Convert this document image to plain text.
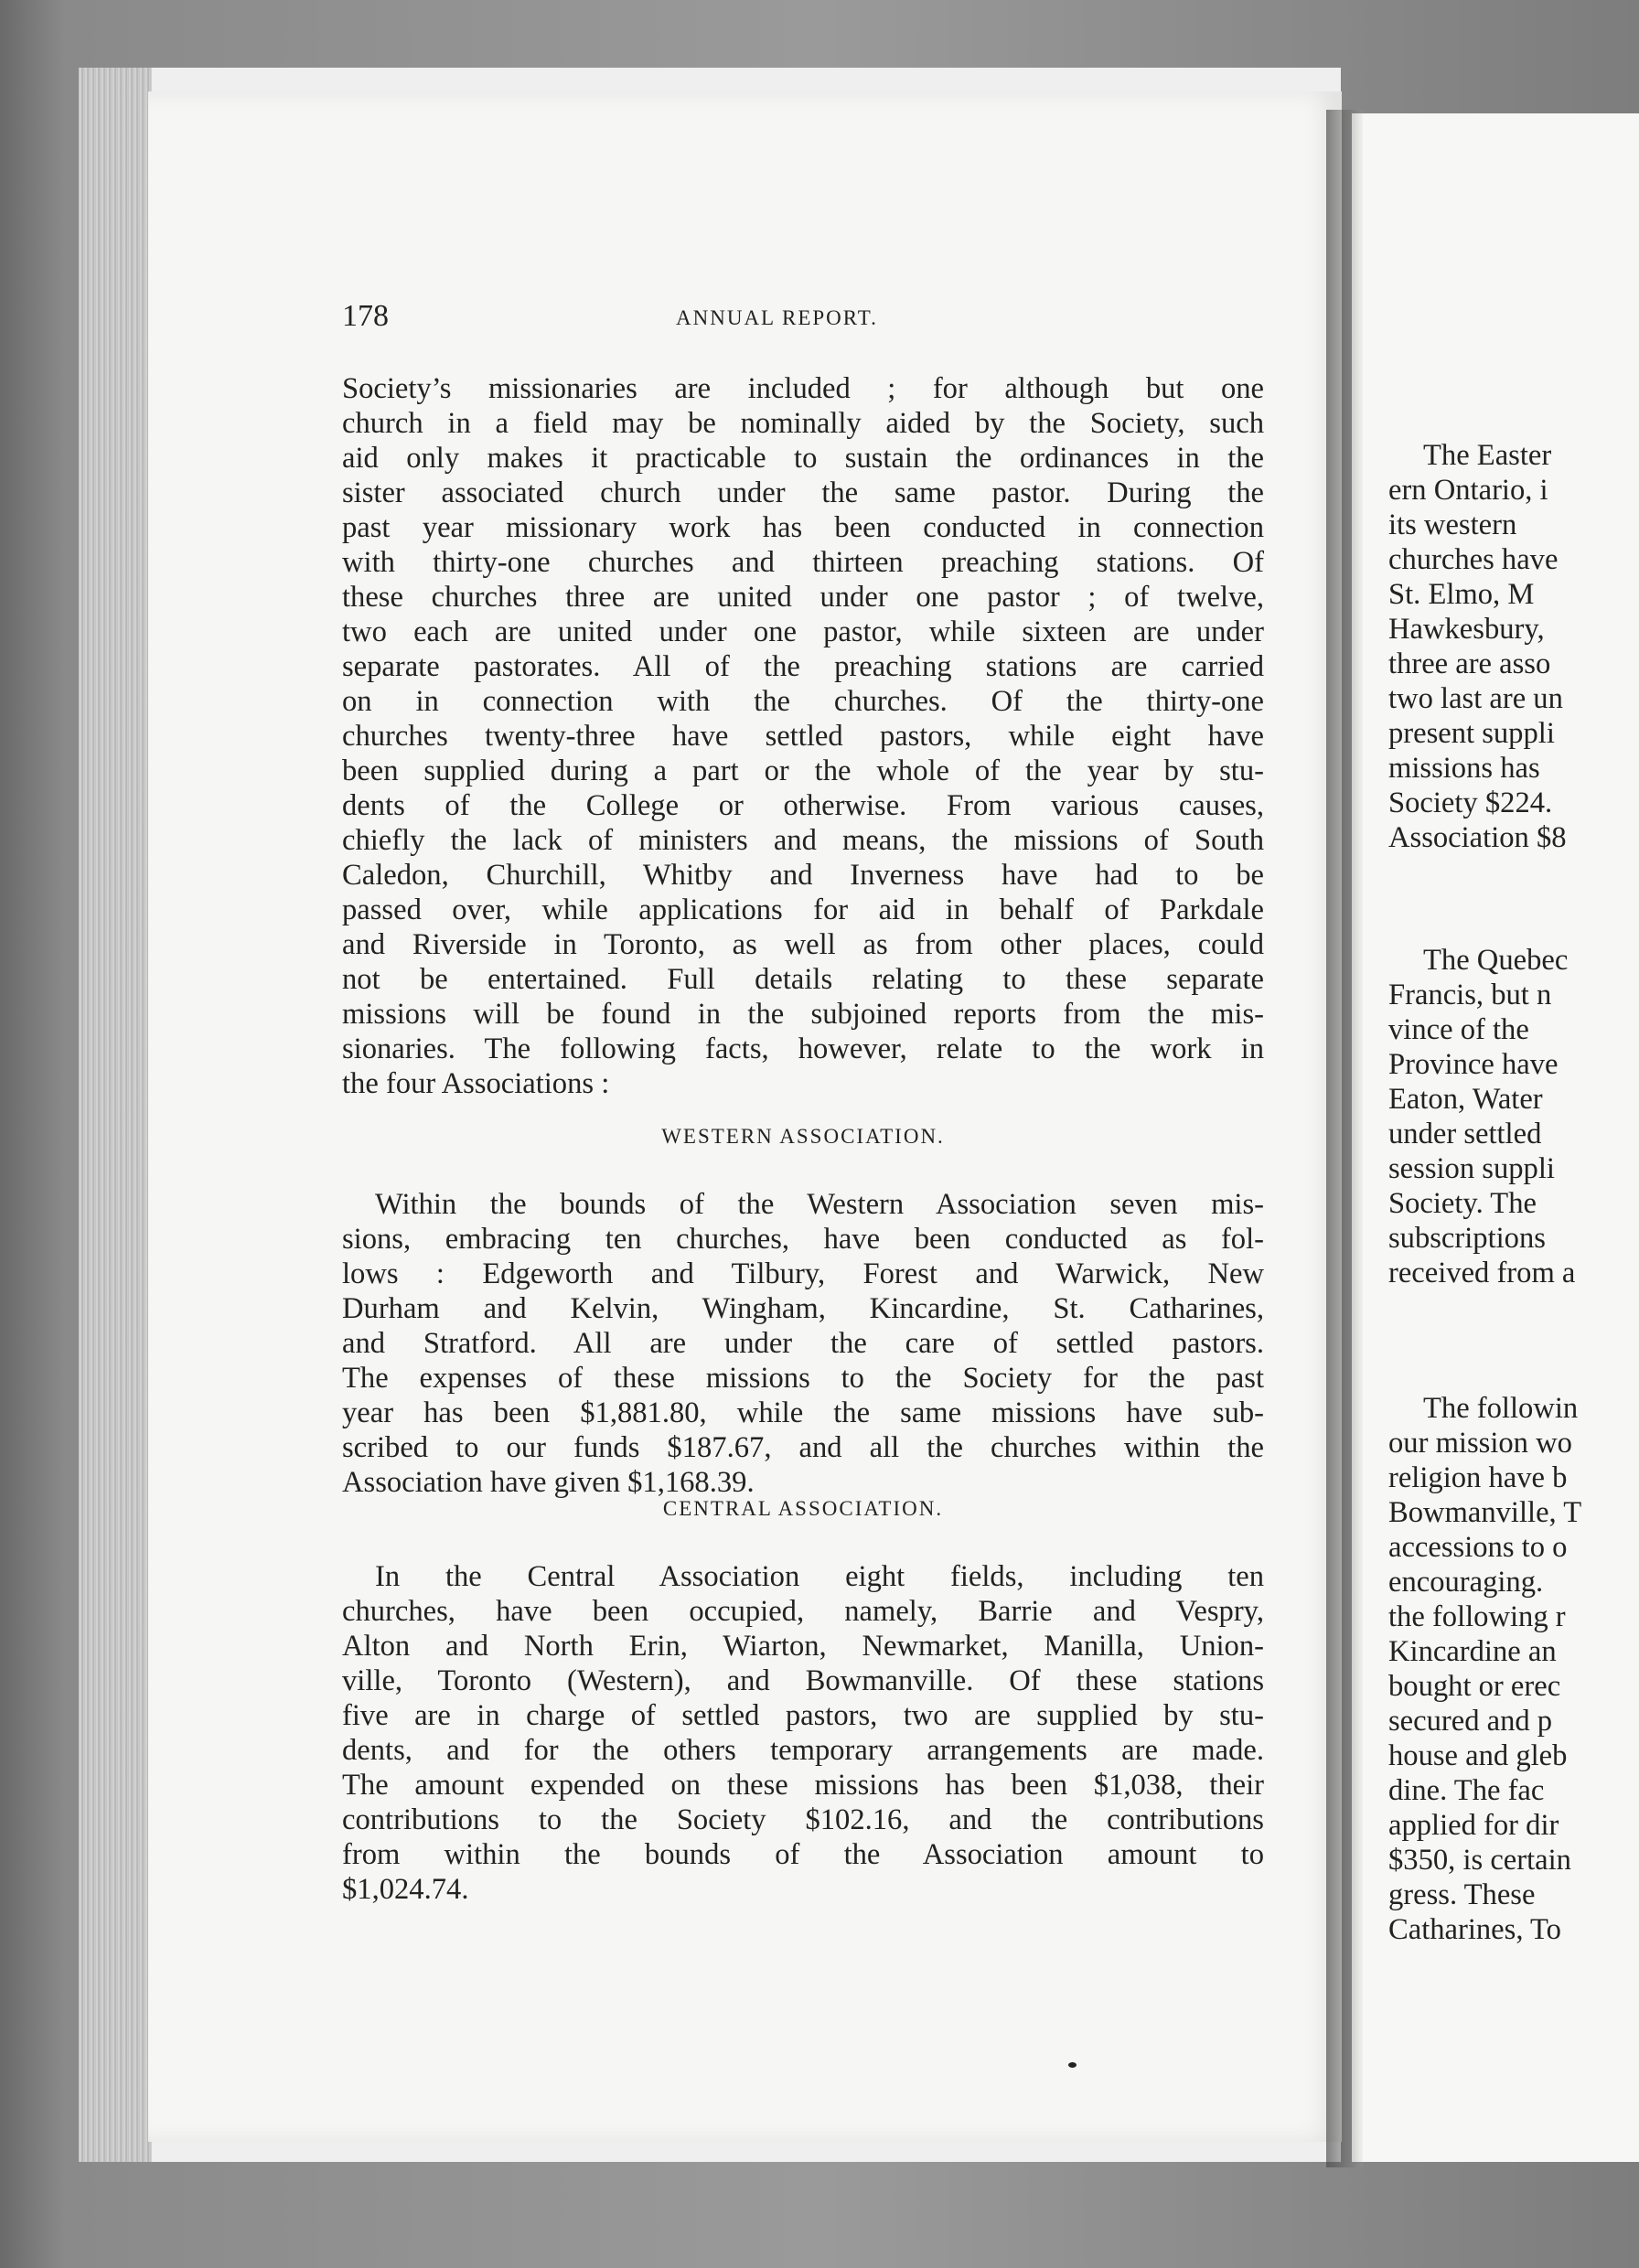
The Easter
ern Ontario, i
its western
churches have
St. Elmo, M
Hawkesbury,
three are asso
two last are un
present suppli
missions has
Society $224.
Association $8
The Quebec
Francis, but n
vince of the
Province have
Eaton, Water
under settled
session suppli
Society. The
subscriptions
received from a
The followin
our mission wo
religion have b
Bowmanville, T
accessions to o
encouraging.
the following r
Kincardine an
bought or erec
secured and p
house and gleb
dine. The fac
applied for dir
$350, is certain
gress. These
Catharines, To
178	ANNUAL REPORT.
Society’s missionaries are included ; for although but one
church in a field may be nominally aided by the Society, such
aid only makes it practicable to sustain the ordinances in the
sister associated church under the same pastor. During the
past year missionary work has been conducted in connection
with thirty-one churches and thirteen preaching stations. Of
these churches three are united under one pastor ; of twelve,
two each are united under one pastor, while sixteen are under
separate pastorates. All of the preaching stations are carried
on in connection with the churches. Of the thirty-one
churches twenty-three have settled pastors, while eight have
been supplied during a part or the whole of the year by stu-
dents of the College or otherwise. From various causes,
chiefly the lack of ministers and means, the missions of South
Caledon, Churchill, Whitby and Inverness have had to be
passed over, while applications for aid in behalf of Parkdale
and Riverside in Toronto, as well as from other places, could
not be entertained. Full details relating to these separate
missions will be found in the subjoined reports from the mis-
sionaries. The following facts, however, relate to the work in
the four Associations :
WESTERN ASSOCIATION.
Within the bounds of the Western Association seven mis-
sions, embracing ten churches, have been conducted as fol-
lows : Edgeworth and Tilbury, Forest and Warwick, New
Durham and Kelvin, Wingham, Kincardine, St. Catharines,
and Stratford. All are under the care of settled pastors.
The expenses of these missions to the Society for the past
year has been $1,881.80, while the same missions have sub-
scribed to our funds $187.67, and all the churches within the
Association have given $1,168.39.
CENTRAL ASSOCIATION.
In the Central Association eight fields, including ten
churches, have been occupied, namely, Barrie and Vespry,
Alton and North Erin, Wiarton, Newmarket, Manilla, Union-
ville, Toronto (Western), and Bowmanville. Of these stations
five are in charge of settled pastors, two are supplied by stu-
dents, and for the others temporary arrangements are made.
The amount expended on these missions has been $1,038, their
contributions to the Society $102.16, and the contributions
from within the bounds of the Association amount to
$1,024.74.
